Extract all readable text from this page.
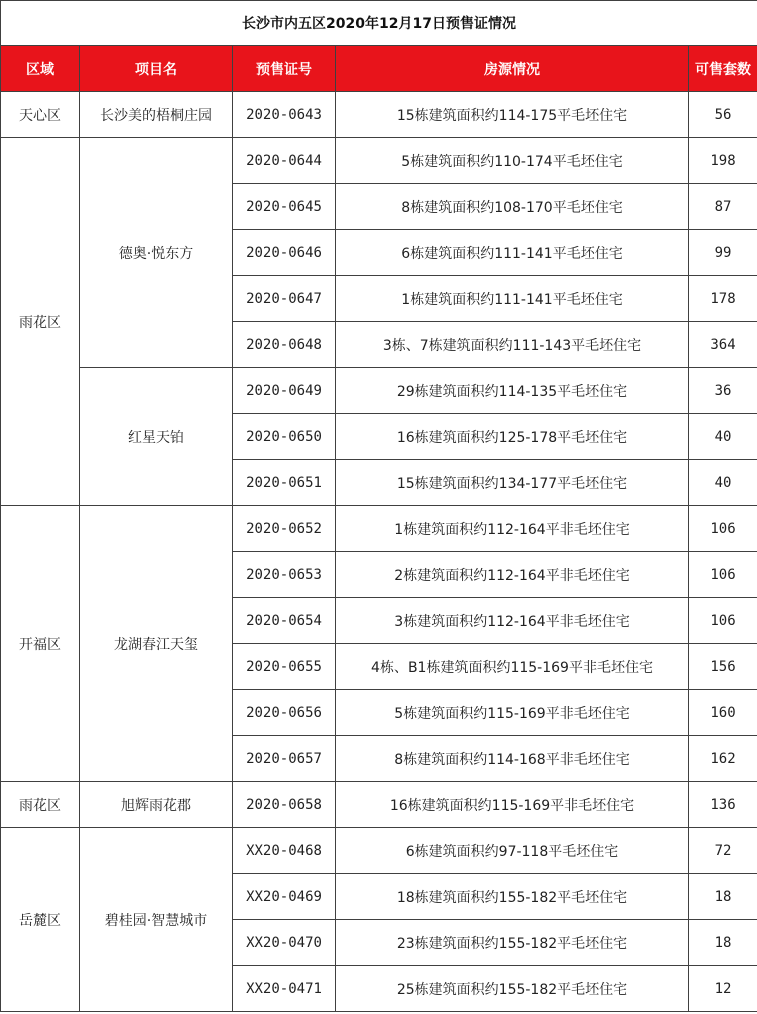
长沙市内五区2020年12月17日预售证情况				
区域	项目名	预售证号	房源情况	可售套数
天心区	长沙美的梧桐庄园	2020-0643	15栋建筑面积约114-175平毛坯住宅	56
雨花区	德奥·悦东方	2020-0644	5栋建筑面积约110-174平毛坯住宅	198
		2020-0645	8栋建筑面积约108-170平毛坯住宅	87
		2020-0646	6栋建筑面积约111-141平毛坯住宅	99
		2020-0647	1栋建筑面积约111-141平毛坯住宅	178
		2020-0648	3栋、7栋建筑面积约111-143平毛坯住宅	364
	红星天铂	2020-0649	29栋建筑面积约114-135平毛坯住宅	36
		2020-0650	16栋建筑面积约125-178平毛坯住宅	40
		2020-0651	15栋建筑面积约134-177平毛坯住宅	40
开福区	龙湖春江天玺	2020-0652	1栋建筑面积约112-164平非毛坯住宅	106
		2020-0653	2栋建筑面积约112-164平非毛坯住宅	106
		2020-0654	3栋建筑面积约112-164平非毛坯住宅	106
		2020-0655	4栋、B1栋建筑面积约115-169平非毛坯住宅	156
		2020-0656	5栋建筑面积约115-169平非毛坯住宅	160
		2020-0657	8栋建筑面积约114-168平非毛坯住宅	162
雨花区	旭辉雨花郡	2020-0658	16栋建筑面积约115-169平非毛坯住宅	136
岳麓区	碧桂园·智慧城市	XX20-0468	6栋建筑面积约97-118平毛坯住宅	72
		XX20-0469	18栋建筑面积约155-182平毛坯住宅	18
		XX20-0470	23栋建筑面积约155-182平毛坯住宅	18
		XX20-0471	25栋建筑面积约155-182平毛坯住宅	12
